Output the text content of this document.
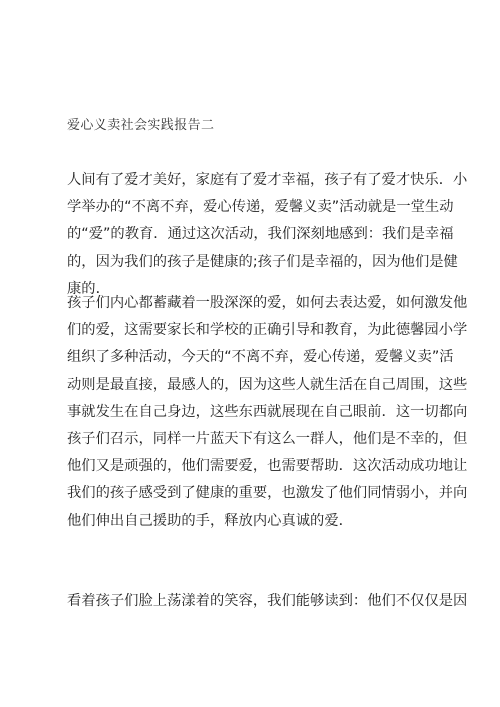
爱心义卖社会实践报告二
人间有了爱才美好，家庭有了爱才幸福，孩子有了爱才快乐．小
学举办的“不离不弃，爱心传递，爱馨义卖”活动就是一堂生动
的“爱”的教育．通过这次活动，我们深刻地感到：我们是幸福
的，因为我们的孩子是健康的;孩子们是幸福的，因为他们是健
康的．
孩子们内心都蓄藏着一股深深的爱，如何去表达爱，如何激发他
们的爱，这需要家长和学校的正确引导和教育，为此德馨园小学
组织了多种活动，今天的“不离不弃，爱心传递，爱馨义卖”活
动则是最直接，最感人的，因为这些人就生活在自己周围，这些
事就发生在自己身边，这些东西就展现在自己眼前．这一切都向
孩子们召示，同样一片蓝天下有这么一群人，他们是不幸的，但
他们又是顽强的，他们需要爱，也需要帮助．这次活动成功地让
我们的孩子感受到了健康的重要，也激发了他们同情弱小，并向
他们伸出自己援助的手，释放内心真诚的爱．
看着孩子们脸上荡漾着的笑容，我们能够读到：他们不仅仅是因
